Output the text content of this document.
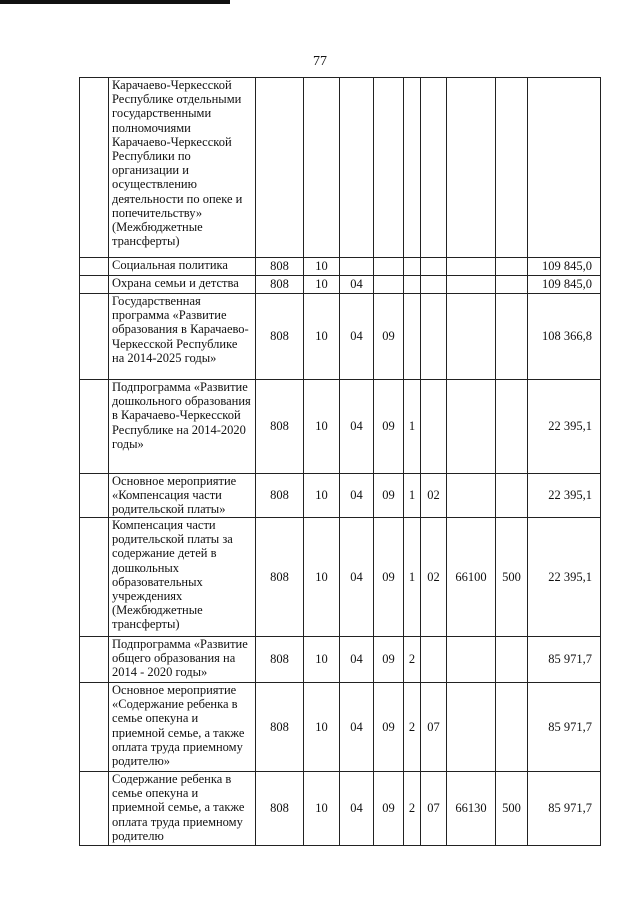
77
	Карачаево-Черкесской Республике отдельными государственными полномочиями Карачаево-Черкесской Республики по организации и осуществлению деятельности по опеке и попечительству» (Межбюджетные трансферты)									
	Социальная политика	808	10							109 845,0
	Охрана семьи и детства	808	10	04						109 845,0
	Государственная программа «Развитие образования в Карачаево-Черкесской Республике на 2014-2025 годы»	808	10	04	09					108 366,8
	Подпрограмма «Развитие дошкольного образования в Карачаево-Черкесской Республике на 2014-2020 годы»	808	10	04	09	1				22 395,1
	Основное мероприятие «Компенсация части родительской платы»	808	10	04	09	1	02			22 395,1
	Компенсация части родительской платы за содержание детей в дошкольных образовательных учреждениях (Межбюджетные трансферты)	808	10	04	09	1	02	66100	500	22 395,1
	Подпрограмма «Развитие общего образования на 2014 - 2020 годы»	808	10	04	09	2				85 971,7
	Основное мероприятие «Содержание ребенка в семье опекуна и приемной семье, а также оплата труда приемному родителю»	808	10	04	09	2	07			85 971,7
	Содержание ребенка в семье опекуна и приемной семье, а также оплата труда приемному родителю	808	10	04	09	2	07	66130	500	85 971,7
